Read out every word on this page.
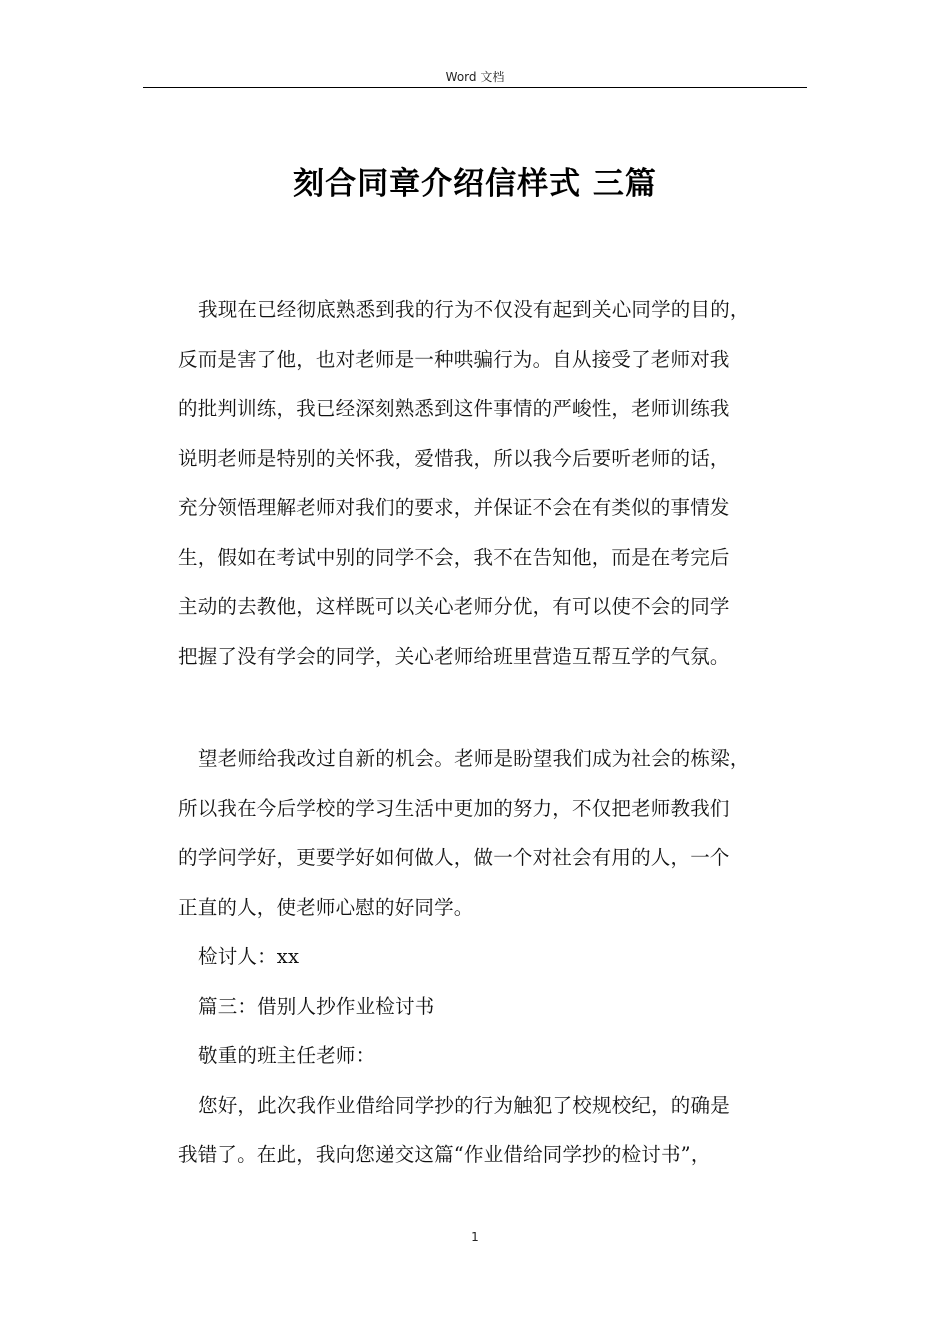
Word 文档
刻合同章介绍信样式 三篇
我现在已经彻底熟悉到我的行为不仅没有起到关心同学的目的，
反而是害了他，也对老师是一种哄骗行为。自从接受了老师对我
的批判训练，我已经深刻熟悉到这件事情的严峻性，老师训练我
说明老师是特别的关怀我，爱惜我，所以我今后要听老师的话，
充分领悟理解老师对我们的要求，并保证不会在有类似的事情发
生，假如在考试中别的同学不会，我不在告知他，而是在考完后
主动的去教他，这样既可以关心老师分优，有可以使不会的同学
把握了没有学会的同学，关心老师给班里营造互帮互学的气氛。
望老师给我改过自新的机会。老师是盼望我们成为社会的栋梁，
所以我在今后学校的学习生活中更加的努力，不仅把老师教我们
的学问学好，更要学好如何做人，做一个对社会有用的人，一个
正直的人，使老师心慰的好同学。
检讨人：xx
篇三：借别人抄作业检讨书
敬重的班主任老师：
您好，此次我作业借给同学抄的行为触犯了校规校纪，的确是
我错了。在此，我向您递交这篇“作业借给同学抄的检讨书”，
1
